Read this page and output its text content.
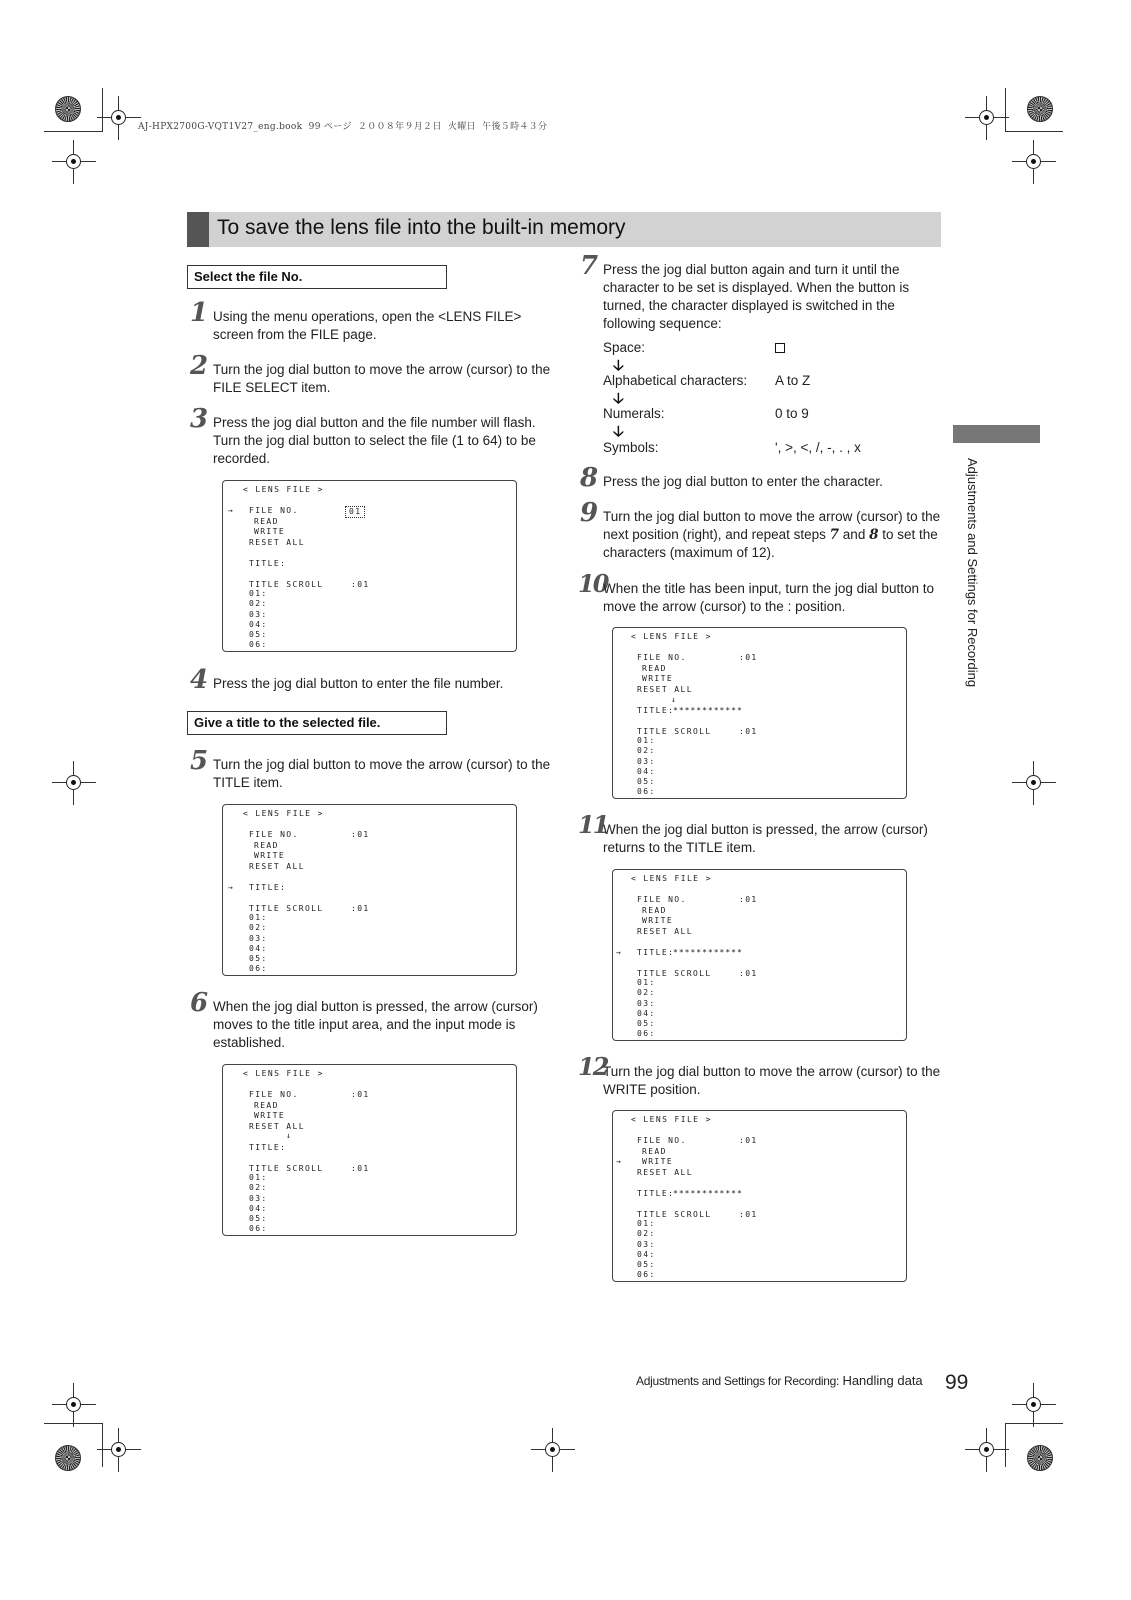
AJ-HPX2700G-VQT1V27_eng.book  99 ページ  ２００８年９月２日  火曜日  午後５時４３分
To save the lens file into the built-in memory
Select the file No.
1 Using the menu operations, open the <LENS FILE> screen from the FILE page.
2 Turn the jog dial button to move the arrow (cursor) to the FILE SELECT item.
3 Press the jog dial button and the file number will flash. Turn the jog dial button to select the file (1 to 64) to be recorded.
< LENS FILE >
→ FILE NO.	01
READ
WRITE
RESET ALL
TITLE:
TITLE SCROLL	:01
01:
02:
03:
04:
05:
06:
4 Press the jog dial button to enter the file number.
Give a title to the selected file.
5 Turn the jog dial button to move the arrow (cursor) to the TITLE item.
< LENS FILE >
FILE NO.	:01
READ
WRITE
RESET ALL
→ TITLE:
TITLE SCROLL	:01
01:
02:
03:
04:
05:
06:
6 When the jog dial button is pressed, the arrow (cursor) moves to the title input area, and the input mode is established.
< LENS FILE >
FILE NO.	:01
READ
WRITE
RESET ALL
↓
TITLE:
TITLE SCROLL	:01
01:
02:
03:
04:
05:
06:
7 Press the jog dial button again and turn it until the character to be set is displayed. When the button is turned, the character displayed is switched in the following sequence:
Space:
🡣
Alphabetical characters: A to Z
🡣
Numerals:	0 to 9
🡣
Symbols:	', >, <, /, -, . , x
8 Press the jog dial button to enter the character.
9 Turn the jog dial button to move the arrow (cursor) to the next position (right), and repeat steps 7 and 8 to set the characters (maximum of 12).
10
When the title has been input, turn the jog dial button to move the arrow (cursor) to the : position.
< LENS FILE >
FILE NO.	:01
READ
WRITE
RESET ALL
↓
TITLE:
************
TITLE SCROLL	:01
01:
02:
03:
04:
05:
06:
11
When the jog dial button is pressed, the arrow (cursor) returns to the TITLE item.
< LENS FILE >
FILE NO.	:01
READ
WRITE
RESET ALL
→ TITLE:
************
TITLE SCROLL	:01
01:
02:
03:
04:
05:
06:
12
Turn the jog dial button to move the arrow (cursor) to the WRITE position.
< LENS FILE >
FILE NO.	:01
READ
→ WRITE
RESET ALL
TITLE:
************
TITLE SCROLL	:01
01:
02:
03:
04:
05:
06:
Adjustments and Settings for Recording
Adjustments and Settings for Recording: Handling data 99
